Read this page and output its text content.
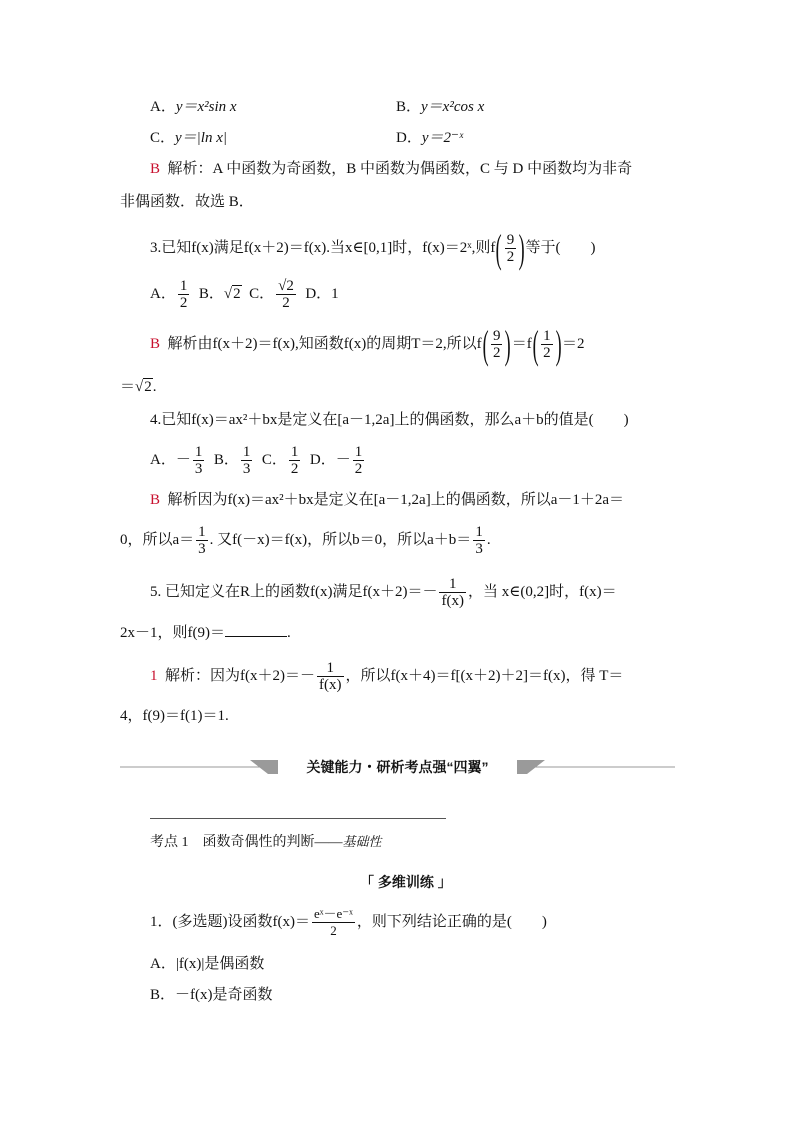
A．y＝x²sin x	B．y＝x²cos x
C．y＝|ln x|	D．y＝2⁻ˣ
B 解析：A 中函数为奇函数，B 中函数为偶函数，C 与 D 中函数均为非奇
非偶函数．故选 B．
3.已知f(x)满足f(x＋2)＝f(x).当x∈[0,1]时，f(x)＝2ˣ,则$f( \frac{9}{2}$ )等于(　　)
A． $\frac{1}{2}$ B．√2 C． $\frac{√2}{2}$ D．1
B 解析由f(x＋2)＝f(x),知函数f(x)的周期T＝2,所以$f( \frac{9}{2} )=f( \frac{1}{2} )=2$
＝√2.
4.已知f(x)＝ax²＋bx是定义在[a－1,2a]上的偶函数，那么a＋b的值是(　　)
A．－ $\frac{1}{3}$ B． $\frac{1}{3}$ C． $\frac{1}{2}$ D．－ $\frac{1}{2}$
B 解析因为f(x)＝ax²＋bx是定义在[a－1,2a]上的偶函数，所以a－1＋2a＝
0，所以$a= \frac{1}{3}$ . 又f(－x)＝f(x)，所以b＝0，所以$a+b= \frac{1}{3}$ .
5. 已知定义在R上的函数f(x)满足$f(x+2)=- \frac{1}{f(x)}$ ，当 x∈(0,2]时，f(x)＝
2x－1，则f(9)＝	.
1 解析：因为$f(x+2)=- \frac{1}{f(x)}$ ，所以f(x＋4)＝f[(x＋2)＋2]＝f(x)，得 T＝
4，f(9)＝f(1)＝1.
关键能力・研析考点强“四翼”
考点 1　函数奇偶性的判断——基础性
「 多维训练 」
1．(多选题)设函数$f(x)= \frac{\text{eˣ－e⁻ˣ}}{2}$ ，则下列结论正确的是(　　)
A．|f(x)|是偶函数
B．－f(x)是奇函数
